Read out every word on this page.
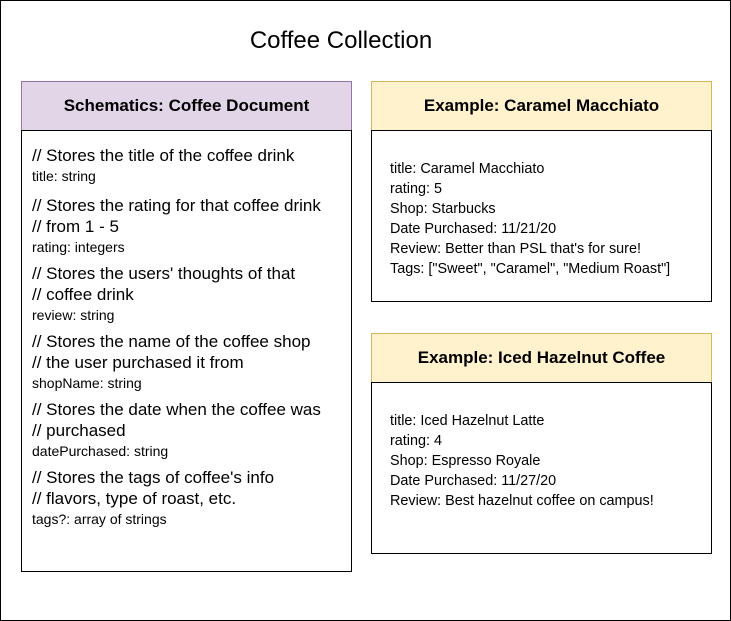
Coffee Collection
Schematics: Coffee Document
// Stores the title of the coffee drink
title: string
// Stores the rating for that coffee drink
// from 1 - 5
rating: integers
// Stores the users' thoughts of that
// coffee drink
review: string
// Stores the name of the coffee shop
// the user purchased it from
shopName: string
// Stores the date when the coffee was
// purchased
datePurchased: string
// Stores the tags of coffee's info
// flavors, type of roast, etc.
tags?: array of strings
Example: Caramel Macchiato
title: Caramel Macchiato
rating: 5
Shop: Starbucks
Date Purchased: 11/21/20
Review: Better than PSL that's for sure!
Tags: ["Sweet", "Caramel", "Medium Roast"]
Example: Iced Hazelnut Coffee
title: Iced Hazelnut Latte
rating: 4
Shop: Espresso Royale
Date Purchased: 11/27/20
Review: Best hazelnut coffee on campus!
